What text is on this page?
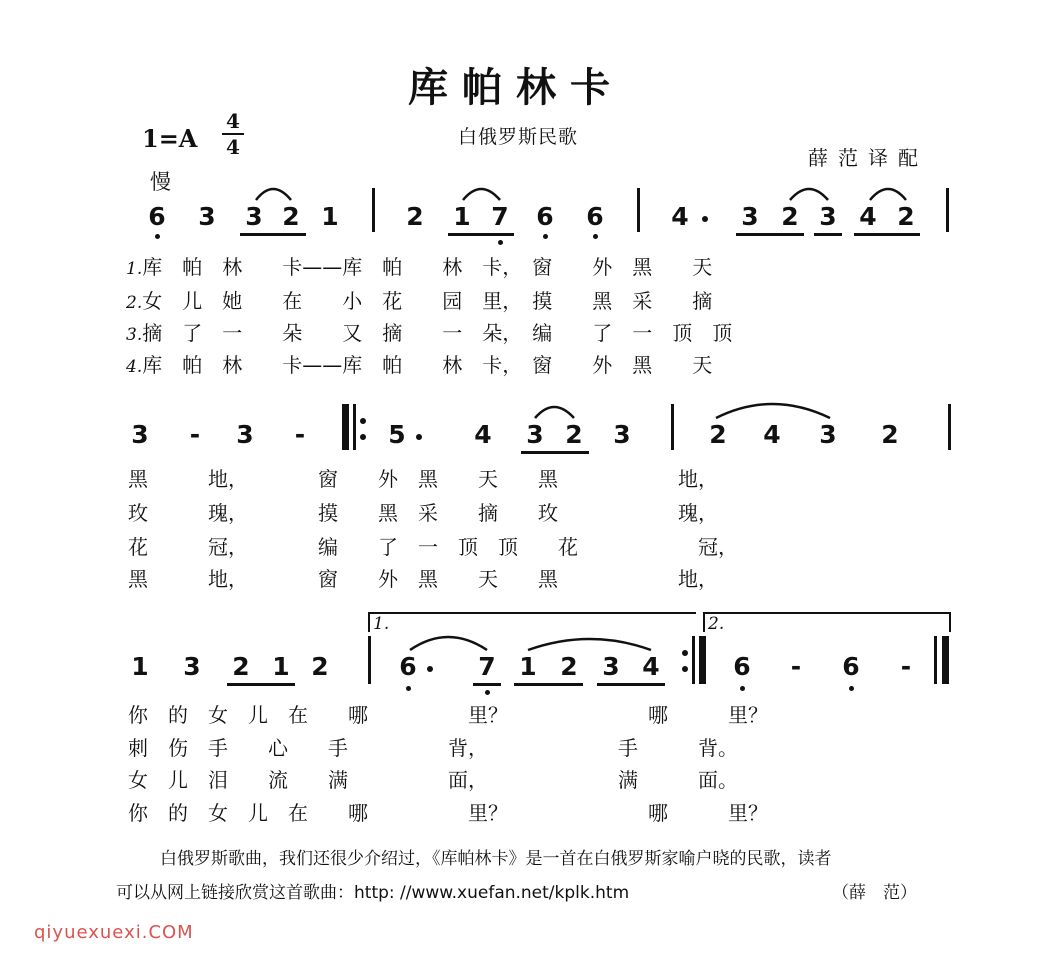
库帕林卡
1=A
4
4	白俄罗斯民歌
薛范译配
慢
6 3 3 2 1	2 1 7 6 6	4 3 2 3 4 2
1.库　帕　林　　卡——库　帕　　林　卡，　窗　　外　黑　　天
2.女　儿　她　　在　　小　花　　园　里，　摸　　黑　采　　摘
3.摘　了　一　　朵　　又　摘　　一　朵，　编　　了　一　顶　顶
4.库　帕　林　　卡——库　帕　　林　卡，　窗　　外　黑　　天
3	-	3	-	5	4 3 2 3	2 4 3 2
黑　　　地，　　　　窗　　外　黑　　天　　黑　　　　　　地，
玫　　　瑰，　　　　摸　　黑　采　　摘　　玫　　　　　　瑰，
花　　　冠，　　　　编　　了　一　顶　顶　　花　　　　　　冠，
黑　　　地，　　　　窗　　外　黑　　天　　黑　　　　　　地，
1.	2.
1 3 2 1 2	6 7 1 2 3 4	6	-	6	-
你　的　女　儿　在　　哪　　　　　里？　　　　　　　哪　　　里？
刺　伤　手　　心　　手　　　　　背，　　　　　　　手　　　背。
女　儿　泪　　流　　满　　　　　面，　　　　　　　满　　　面。
你　的　女　儿　在　　哪　　　　　里？　　　　　　　哪　　　里？
白俄罗斯歌曲，我们还很少介绍过，《库帕林卡》是一首在白俄罗斯家喻户晓的民歌，读者
可以从网上链接欣赏这首歌曲：http: //www.xuefan.net/kplk.htm	（薛　范）
qiyuexuexi.COM
